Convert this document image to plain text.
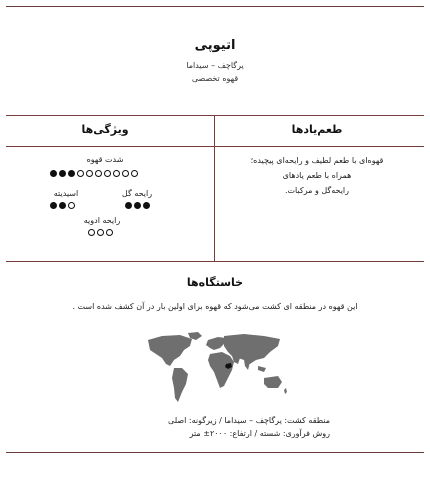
اتیوپی
یرگاچف – سیداما
قهوه تخصصی
طعم‌یادها
ویژگی‌ها
قهوه‌ای با طعم لطیف و رایحه‌ای پیچیده؛
همراه با طعم یادهای
رایحه‌گل و مرکبات.
شدت قهوه
رایحه گل
اسیدیته
رایحه ادویه
خاستگاه‌ها
این قهوه در منطقه ای کشت می‌شود که قهوه برای اولین بار در آن کشف شده است .
منطقه کشت: یرگاچف – سیداما / زیرگونه: اصلی
روش فرآوری: شسته / ارتفاع: ۲۰۰۰± متر
